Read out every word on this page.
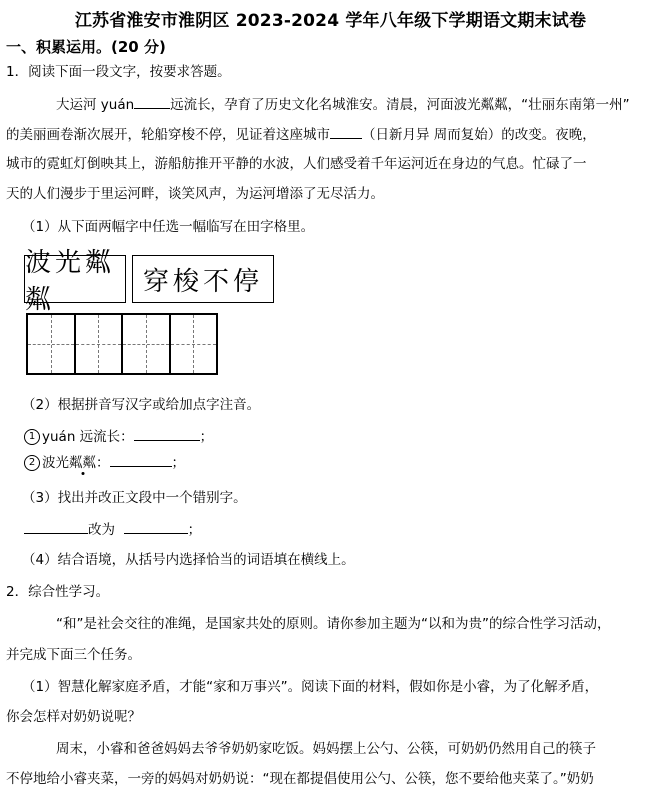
江苏省淮安市淮阴区 2023-2024 学年八年级下学期语文期末试卷
一、积累运用。(20 分)
1．阅读下面一段文字，按要求答题。
大运河 yuán	远流长，孕育了历史文化名城淮安。清晨，河面波光粼粼，“壮丽东南第一州”
的美丽画卷渐次展开，轮船穿梭不停，见证着这座城市 （日新月异 周而复始）的改变。夜晚，
城市的霓虹灯倒映其上，游船舫推开平静的水波，人们感受着千年运河近在身边的气息。忙碌了一
天的人们漫步于里运河畔，谈笑风声，为运河增添了无尽活力。
（1）从下面两幅字中任选一幅临写在田字格里。
波光粼粼
穿梭不停
（2）根据拼音写汉字或给加点字注音。
1 yuán 远流长：	；
2 波光粼粼：	；
（3）找出并改正文段中一个错别字。
改为	；
（4）结合语境，从括号内选择恰当的词语填在横线上。
2．综合性学习。
“和”是社会交往的准绳，是国家共处的原则。请你参加主题为“以和为贵”的综合性学习活动，
并完成下面三个任务。
（1）智慧化解家庭矛盾，才能“家和万事兴”。阅读下面的材料，假如你是小睿，为了化解矛盾，
你会怎样对奶奶说呢？
周末，小睿和爸爸妈妈去爷爷奶奶家吃饭。妈妈摆上公勺、公筷，可奶奶仍然用自己的筷子
不停地给小睿夹菜，一旁的妈妈对奶奶说：“现在都提倡使用公勺、公筷，您不要给他夹菜了。”奶奶
